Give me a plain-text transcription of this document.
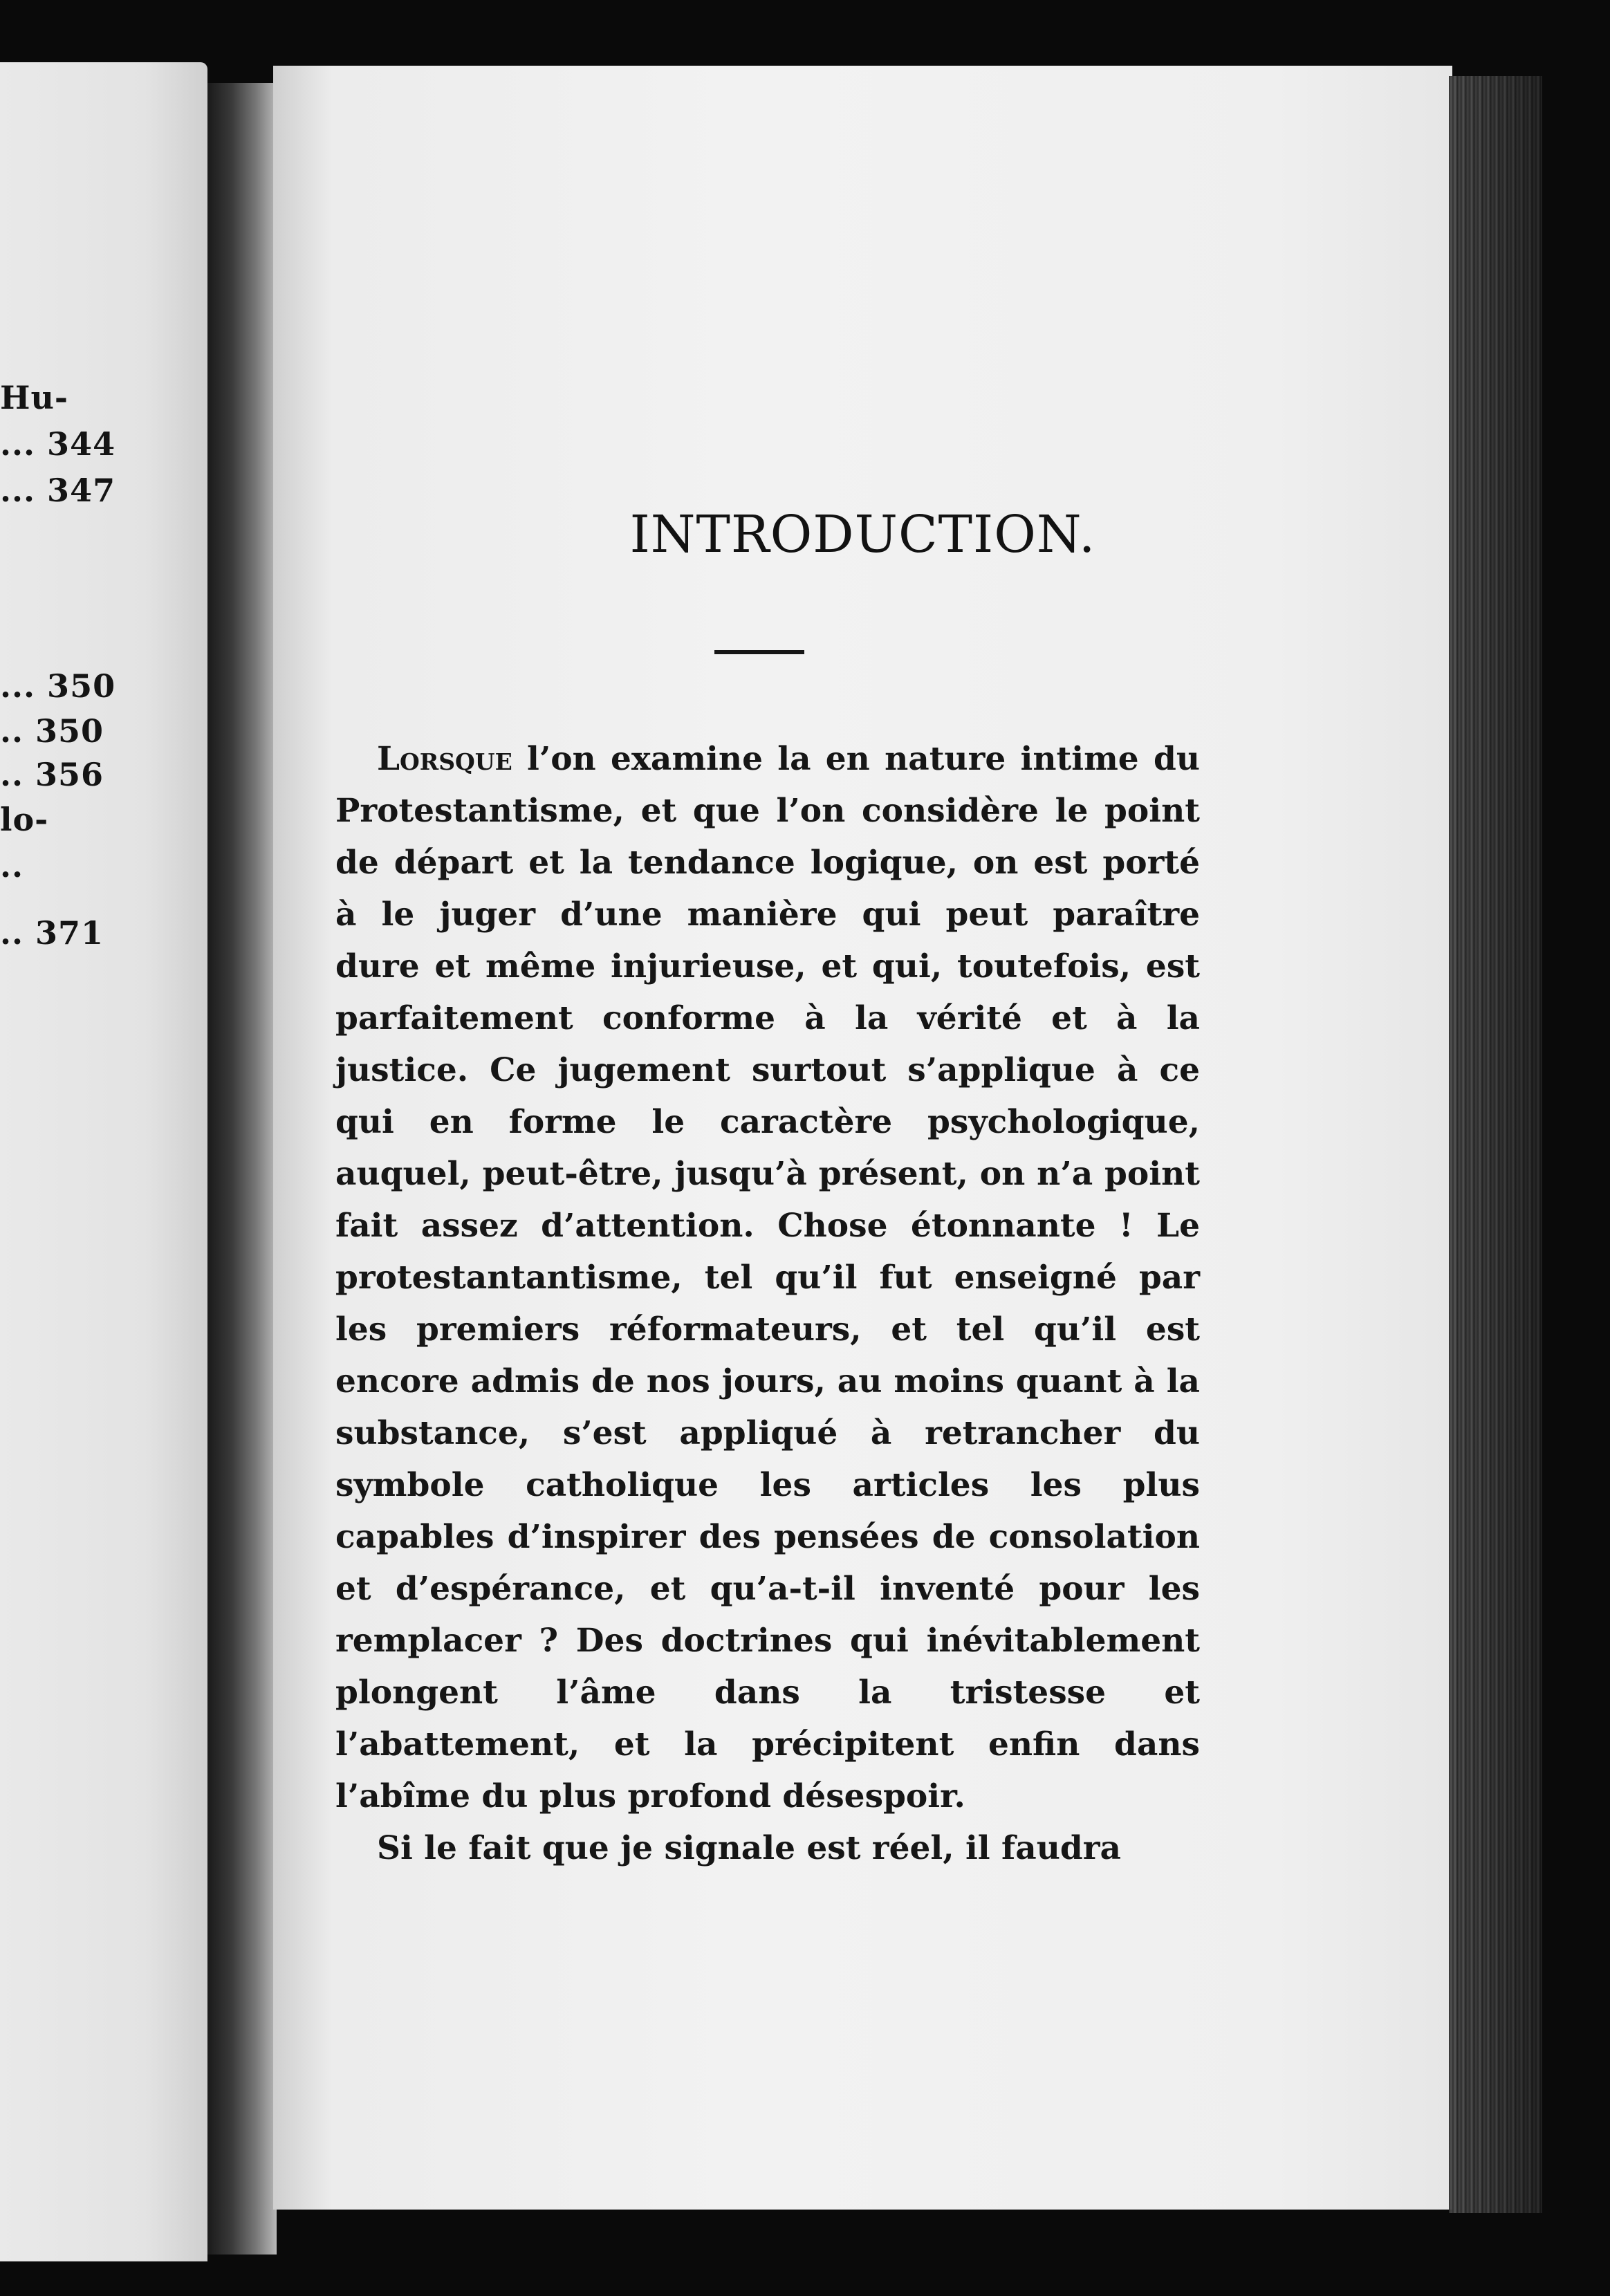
Hu-
... 344
... 347
... 350
.. 350
.. 356
lo-
..
.. 371
INTRODUCTION.

Lorsque l’on examine la en nature intime du Protestantisme, et que l’on considère le point de départ et la tendance logique, on est porté à le juger d’une manière qui peut paraître dure et même injurieuse, et qui, toutefois, est parfaitement conforme à la vérité et à la justice. Ce jugement surtout s’applique à ce qui en forme le caractère psychologique, auquel, peut-être, jusqu’à présent, on n’a point fait assez d’attention. Chose étonnante ! Le protestantantisme, tel qu’il fut enseigné par les premiers réformateurs, et tel qu’il est encore admis de nos jours, au moins quant à la substance, s’est appliqué à retrancher du symbole catholique les articles les plus capables d’inspirer des pensées de consolation et d’espérance, et qu’a-t-il inventé pour les remplacer ? Des doctrines qui inévitablement plongent l’âme dans la tristesse et l’abattement, et la précipitent enfin dans l’abîme du plus profond désespoir.

Si le fait que je signale est réel, il faudra
